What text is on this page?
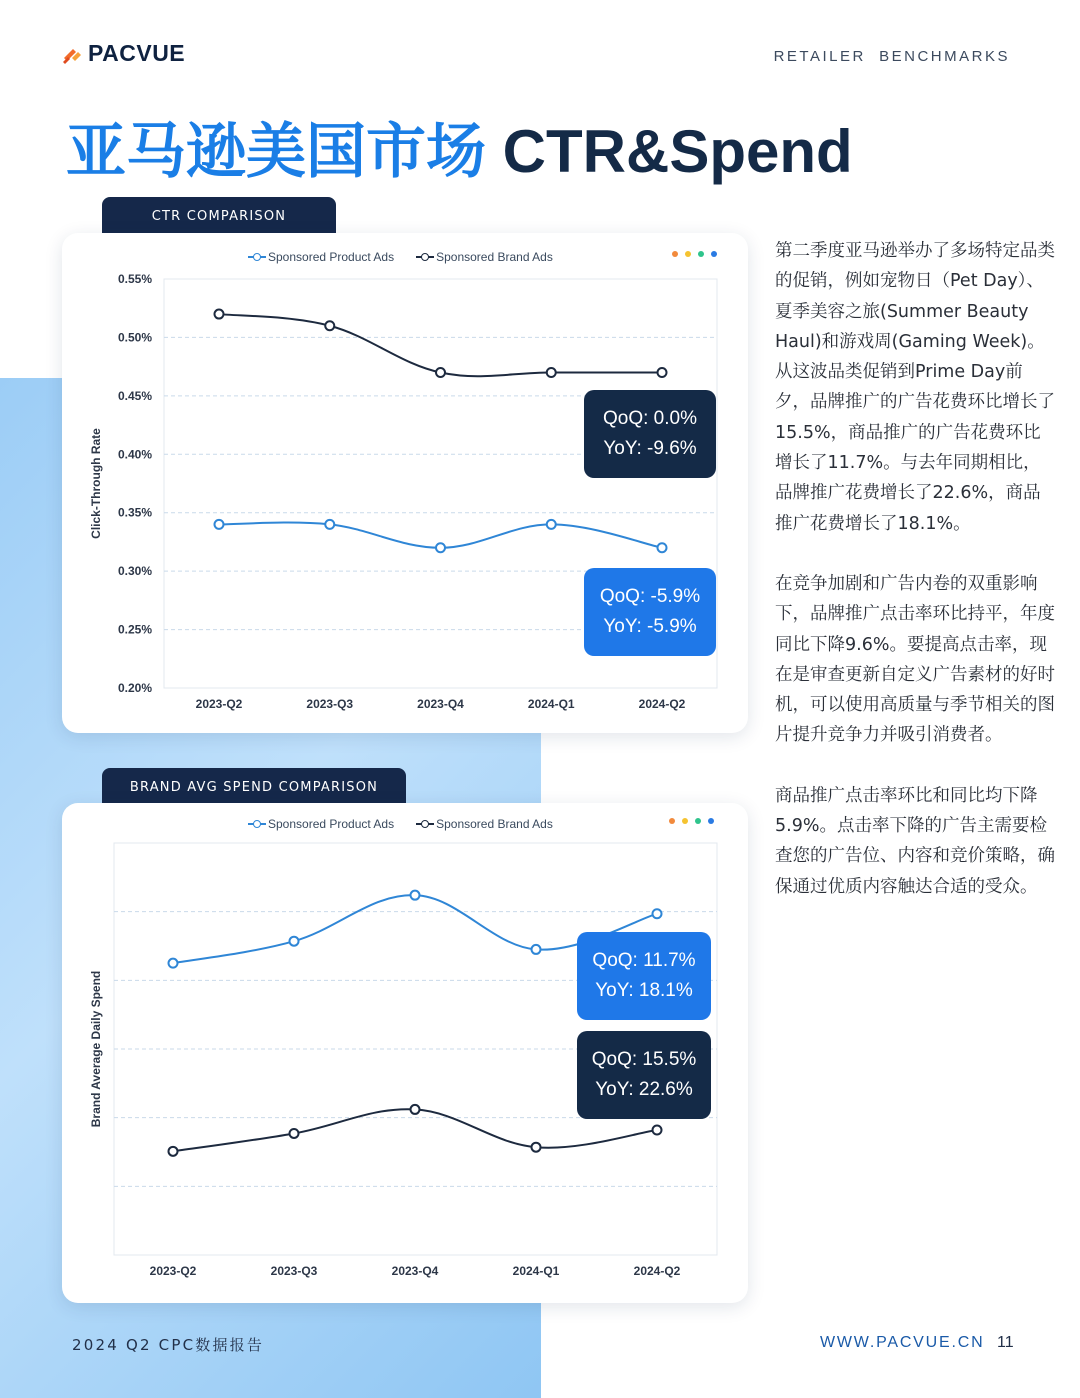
PACVUE	RETAILER  BENCHMARKS
亚马逊美国市场 CTR&Spend
CTR COMPARISON
Sponsored Product Ads	Sponsored Brand Ads
0.20%
0.25%
0.30%
0.35%
0.40%
0.45%
0.50%
0.55%
Click-Through Rate
2023-Q2	2023-Q3	2023-Q4	2024-Q1	2024-Q2
QoQ: 0.0%
YoY: -9.6%
QoQ: -5.9%
YoY: -5.9%
BRAND AVG SPEND COMPARISON
Sponsored Product Ads	Sponsored Brand Ads
Brand Average Daily Spend
2023-Q2	2023-Q3	2023-Q4	2024-Q1	2024-Q2
QoQ: 11.7%
YoY: 18.1%
QoQ: 15.5%
YoY: 22.6%

第二季度亚马逊举办了多场特定品类的促销，例如宠物日（Pet Day）、夏季美容之旅(Summer Beauty Haul)和游戏周(Gaming Week)。从这波品类促销到Prime Day前夕，品牌推广的广告花费环比增长了 15.5%，商品推广的广告花费环比增长了11.7%。与去年同期相比，品牌推广花费增长了22.6%，商品推广花费增长了18.1%。

在竞争加剧和广告内卷的双重影响下，品牌推广点击率环比持平，年度同比下降9.6%。要提高点击率，现在是审查更新自定义广告素材的好时机，可以使用高质量与季节相关的图片提升竞争力并吸引消费者。

商品推广点击率环比和同比均下降5.9%。点击率下降的广告主需要检查您的广告位、内容和竞价策略，确保通过优质内容触达合适的受众。

2024 Q2 CPC数据报告	WWW.PACVUE.CN 11
